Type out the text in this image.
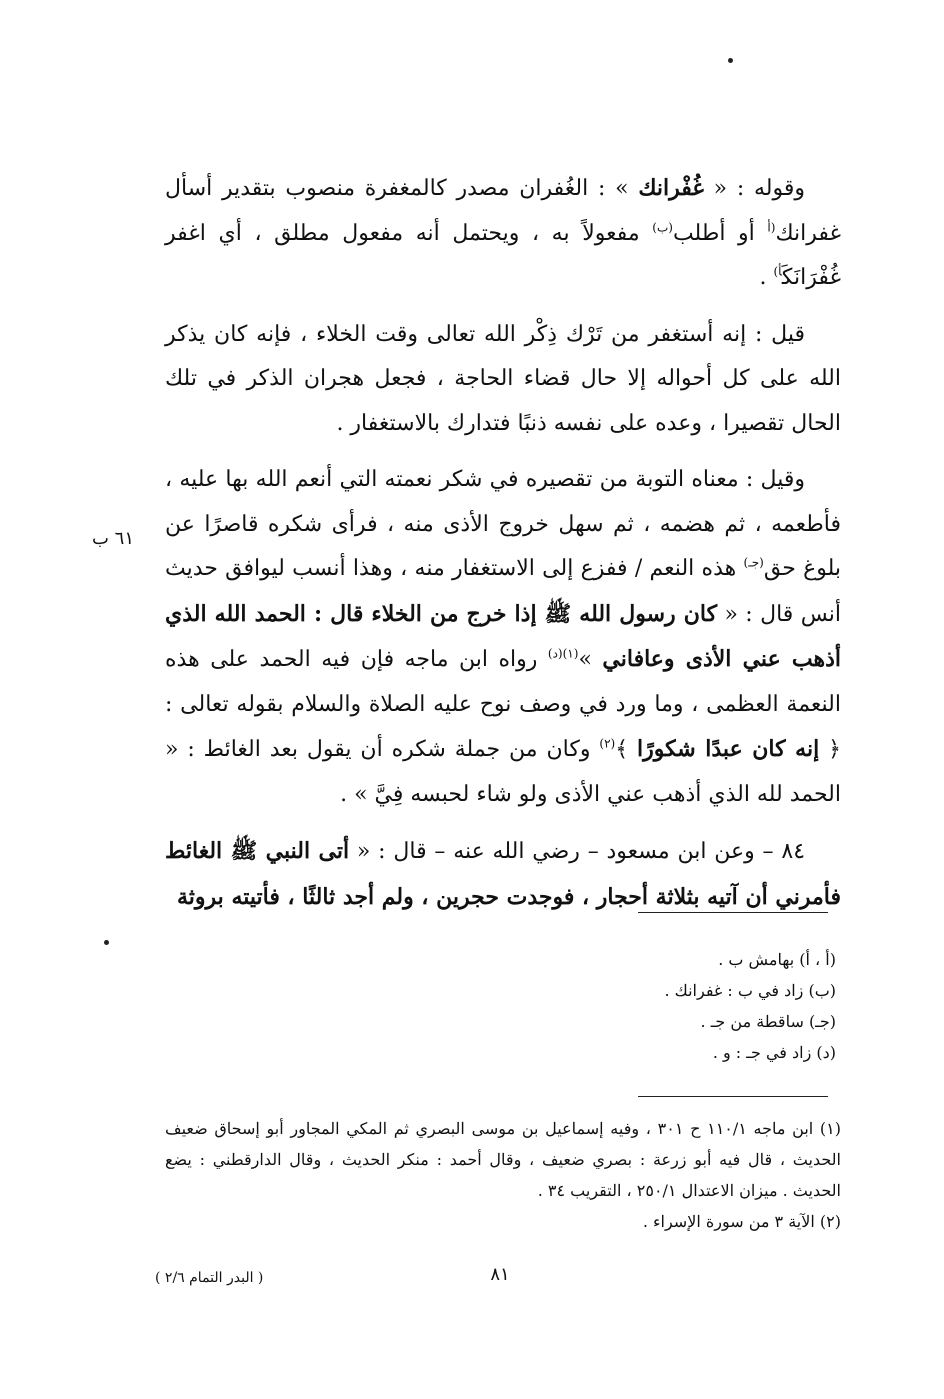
وقوله : « غُفْرانك » : الغُفران مصدر كالمغفرة منصوب بتقدير أسأل غفرانك$^{(أ}$ أو أطلب$^{(ب)}$ مفعولاً به ، ويحتمل أنه مفعول مطلق ، أي اغفر غُفْرَانَكَ$^{أ)}$ .

قيل : إنه أستغفر من تَرْك ذِكْر الله تعالى وقت الخلاء ، فإنه كان يذكر الله على كل أحواله إلا حال قضاء الحاجة ، فجعل هجران الذكر في تلك الحال تقصيرا ، وعده على نفسه ذنبًا فتدارك بالاستغفار .

وقيل : معناه التوبة من تقصيره في شكر نعمته التي أنعم الله بها عليه ، فأطعمه ، ثم هضمه ، ثم سهل خروج الأذى منه ، فرأى شكره قاصرًا عن بلوغ حق$^{(جـ)}$ هذه النعم / ففزع إلى الاستغفار منه ، وهذا أنسب ليوافق حديث أنس قال : « كان رسول الله ﷺ إذا خرج من الخلاء قال : الحمد الله الذي أذهب عني الأذى وعافاني »$^{(١)(د)}$ رواه ابن ماجه فإن فيه الحمد على هذه النعمة العظمى ، وما ورد في وصف نوح عليه الصلاة والسلام بقوله تعالى : ﴿ إنه كان عبدًا شكورًا ﴾$^{(٢)}$ وكان من جملة شكره أن يقول بعد الغائط : « الحمد لله الذي أذهب عني الأذى ولو شاء لحبسه فِيَّ » .

٨٤ – وعن ابن مسعود – رضي الله عنه – قال : « أتى النبي ﷺ الغائط فأمرني أن آتيه بثلاثة أحجار ، فوجدت حجرين ، ولم أجد ثالثًا ، فأتيته بروثة

٦١ ب
(أ ، أ) بهامش ب .
(ب) زاد في ب : غفرانك .
(جـ) ساقطة من جـ .
(د) زاد في جـ : و .

(١) ابن ماجه ١١٠/١ ح ٣٠١ ، وفيه إسماعيل بن موسى البصري ثم المكي المجاور أبو إسحاق ضعيف الحديث ، قال فيه أبو زرعة : بصري ضعيف ، وقال أحمد : منكر الحديث ، وقال الدارقطني : يضع الحديث . ميزان الاعتدال ٢٥٠/١ ، التقريب ٣٤ .

(٢) الآية ٣ من سورة الإسراء .

( البدر التمام ٢/٦ )	٨١
